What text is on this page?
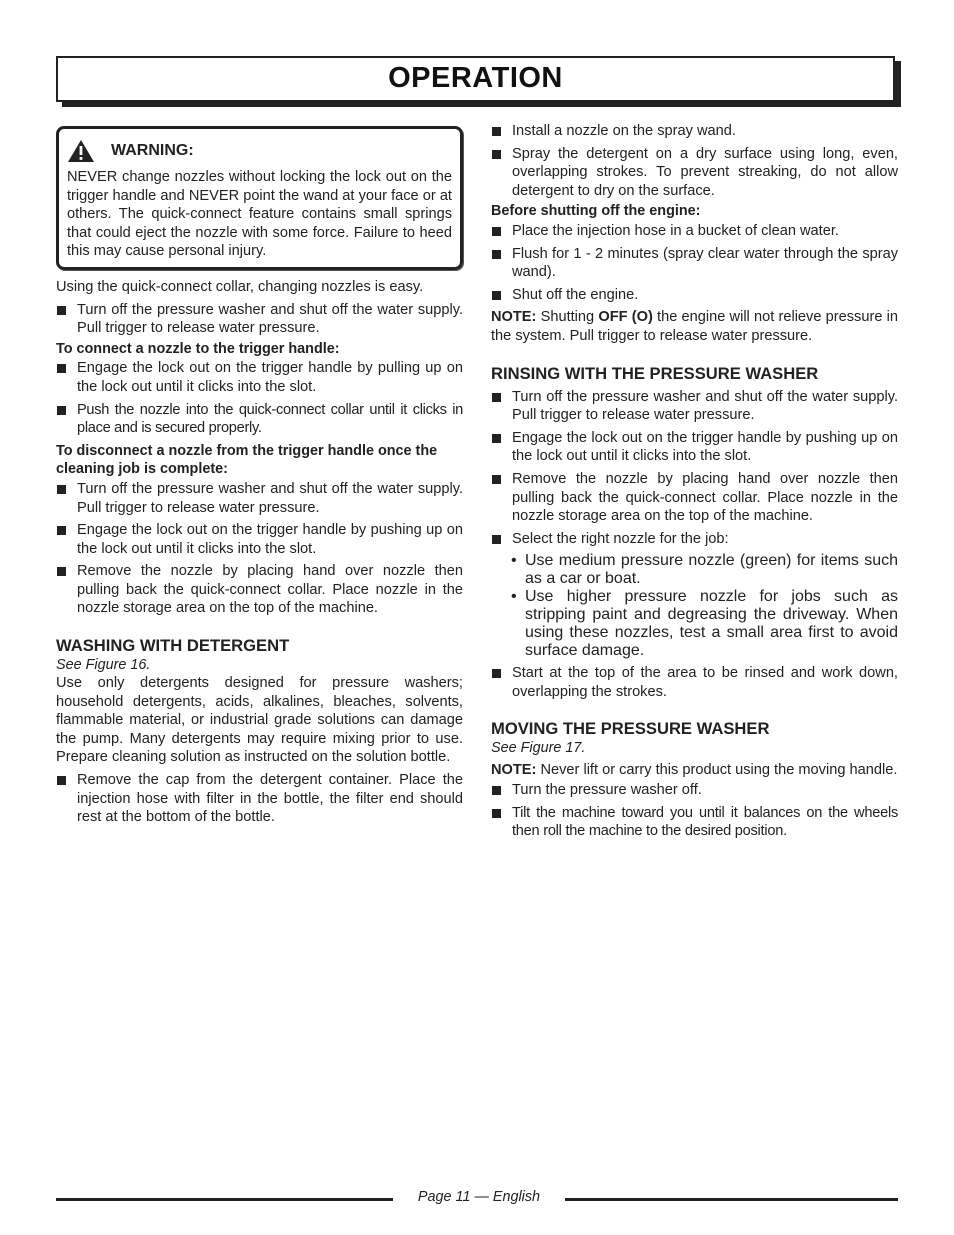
OPERATION
WARNING:

NEVER change nozzles without locking the lock out on the trigger handle and NEVER point the wand at your face or at others. The quick-connect feature contains small springs that could eject the nozzle with some force. Failure to heed this may cause personal injury.

Using the quick-connect collar, changing nozzles is easy.

Turn off the pressure washer and shut off the water supply. Pull trigger to release water pressure.
To connect a nozzle to the trigger handle:
Engage the lock out on the trigger handle by pulling up on the lock out until it clicks into the slot.
Push the nozzle into the quick-connect collar until it clicks in place and is secured properly.
To disconnect a nozzle from the trigger handle once the cleaning job is complete:
Turn off the pressure washer and shut off the water supply. Pull trigger to release water pressure.
Engage the lock out on the trigger handle by pushing up on the lock out until it clicks into the slot.
Remove the nozzle by placing hand over nozzle then pulling back the quick-connect collar. Place nozzle in the nozzle storage area on the top of the machine.
WASHING WITH DETERGENT
See Figure 16.

Use only detergents designed for pressure washers; household detergents, acids, alkalines, bleaches, solvents, flammable material, or industrial grade solutions can damage the pump. Many detergents may require mixing prior to use. Prepare cleaning solution as instructed on the solution bottle.

Remove the cap from the detergent container. Place the injection hose with filter in the bottle, the filter end should rest at the bottom of the bottle.
Install a nozzle on the spray wand.
Spray the detergent on a dry surface using long, even, overlapping strokes. To prevent streaking, do not allow detergent to dry on the surface.
Before shutting off the engine:
Place the injection hose in a bucket of clean water.
Flush for 1 - 2 minutes (spray clear water through the spray wand).
Shut off the engine.

NOTE: Shutting OFF (O) the engine will not relieve pressure in the system. Pull trigger to release water pressure.

RINSING WITH THE PRESSURE WASHER
Turn off the pressure washer and shut off the water supply. Pull trigger to release water pressure.
Engage the lock out on the trigger handle by pushing up on the lock out until it clicks into the slot.
Remove the nozzle by placing hand over nozzle then pulling back the quick-connect collar. Place nozzle in the nozzle storage area on the top of the machine.
Select the right nozzle for the job:
• Use medium pressure nozzle (green) for items such as a car or boat.
• Use higher pressure nozzle for jobs such as stripping paint and degreasing the driveway. When using these nozzles, test a small area first to avoid surface damage.
Start at the top of the area to be rinsed and work down, overlapping the strokes.
MOVING THE PRESSURE WASHER
See Figure 17.

NOTE: Never lift or carry this product using the moving handle.

Turn the pressure washer off.
Tilt the machine toward you until it balances on the wheels then roll the machine to the desired position.
Page 11 — English
